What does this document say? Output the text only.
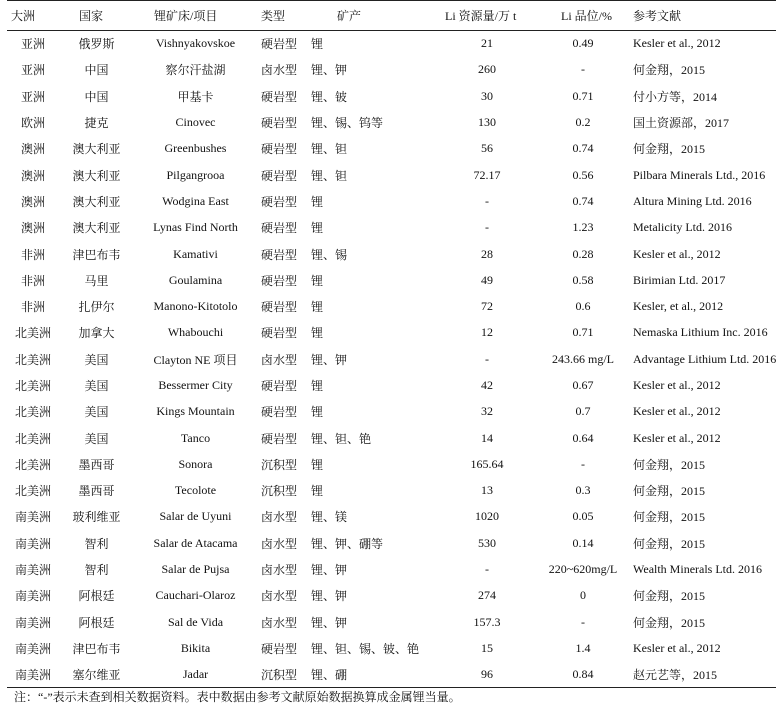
大洲	国家	锂矿床/项目	类型	矿产	Li 资源量/万 t	Li 品位/%	参考文献
亚洲	俄罗斯	Vishnyakovskoe	硬岩型	锂	21	0.49	Kesler et al., 2012
亚洲	中国	察尔汗盐湖	卤水型	锂、钾	260	-	何金翔，2015
亚洲	中国	甲基卡	硬岩型	锂、铍	30	0.71	付小方等，2014
欧洲	捷克	Cinovec	硬岩型	锂、锡、钨等	130	0.2	国土资源部，2017
澳洲	澳大利亚	Greenbushes	硬岩型	锂、钽	56	0.74	何金翔，2015
澳洲	澳大利亚	Pilgangrooa	硬岩型	锂、钽	72.17	0.56	Pilbara Minerals Ltd., 2016
澳洲	澳大利亚	Wodgina East	硬岩型	锂	-	0.74	Altura Mining Ltd. 2016
澳洲	澳大利亚	Lynas Find North	硬岩型	锂	-	1.23	Metalicity Ltd. 2016
非洲	津巴布韦	Kamativi	硬岩型	锂、锡	28	0.28	Kesler et al., 2012
非洲	马里	Goulamina	硬岩型	锂	49	0.58	Birimian Ltd. 2017
非洲	扎伊尔	Manono-Kitotolo	硬岩型	锂	72	0.6	Kesler, et al., 2012
北美洲	加拿大	Whabouchi	硬岩型	锂	12	0.71	Nemaska Lithium Inc. 2016
北美洲	美国	Clayton NE 项目	卤水型	锂、钾	-	243.66 mg/L	Advantage Lithium Ltd. 2016
北美洲	美国	Bessermer City	硬岩型	锂	42	0.67	Kesler et al., 2012
北美洲	美国	Kings Mountain	硬岩型	锂	32	0.7	Kesler et al., 2012
北美洲	美国	Tanco	硬岩型	锂、钽、铯	14	0.64	Kesler et al., 2012
北美洲	墨西哥	Sonora	沉积型	锂	165.64	-	何金翔，2015
北美洲	墨西哥	Tecolote	沉积型	锂	13	0.3	何金翔，2015
南美洲	玻利维亚	Salar de Uyuni	卤水型	锂、镁	1020	0.05	何金翔，2015
南美洲	智利	Salar de Atacama	卤水型	锂、钾、硼等	530	0.14	何金翔，2015
南美洲	智利	Salar de Pujsa	卤水型	锂、钾	-	220~620mg/L	Wealth Minerals Ltd. 2016
南美洲	阿根廷	Cauchari-Olaroz	卤水型	锂、钾	274	0	何金翔，2015
南美洲	阿根廷	Sal de Vida	卤水型	锂、钾	157.3	-	何金翔，2015
南美洲	津巴布韦	Bikita	硬岩型	锂、钽、锡、铍、铯	15	1.4	Kesler et al., 2012
南美洲	塞尔维亚	Jadar	沉积型	锂、硼	96	0.84	赵元艺等，2015
注：“-”表示未查到相关数据资料。表中数据由参考文献原始数据换算成金属锂当量。
